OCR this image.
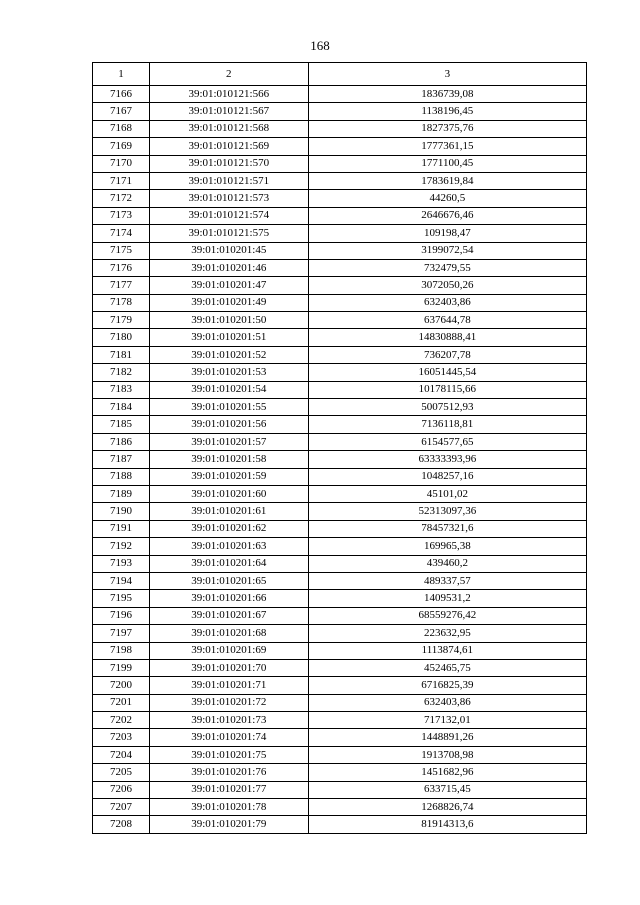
168
1	2	3
7166	39:01:010121:566	1836739,08
7167	39:01:010121:567	1138196,45
7168	39:01:010121:568	1827375,76
7169	39:01:010121:569	1777361,15
7170	39:01:010121:570	1771100,45
7171	39:01:010121:571	1783619,84
7172	39:01:010121:573	44260,5
7173	39:01:010121:574	2646676,46
7174	39:01:010121:575	109198,47
7175	39:01:010201:45	3199072,54
7176	39:01:010201:46	732479,55
7177	39:01:010201:47	3072050,26
7178	39:01:010201:49	632403,86
7179	39:01:010201:50	637644,78
7180	39:01:010201:51	14830888,41
7181	39:01:010201:52	736207,78
7182	39:01:010201:53	16051445,54
7183	39:01:010201:54	10178115,66
7184	39:01:010201:55	5007512,93
7185	39:01:010201:56	7136118,81
7186	39:01:010201:57	6154577,65
7187	39:01:010201:58	63333393,96
7188	39:01:010201:59	1048257,16
7189	39:01:010201:60	45101,02
7190	39:01:010201:61	52313097,36
7191	39:01:010201:62	78457321,6
7192	39:01:010201:63	169965,38
7193	39:01:010201:64	439460,2
7194	39:01:010201:65	489337,57
7195	39:01:010201:66	1409531,2
7196	39:01:010201:67	68559276,42
7197	39:01:010201:68	223632,95
7198	39:01:010201:69	1113874,61
7199	39:01:010201:70	452465,75
7200	39:01:010201:71	6716825,39
7201	39:01:010201:72	632403,86
7202	39:01:010201:73	717132,01
7203	39:01:010201:74	1448891,26
7204	39:01:010201:75	1913708,98
7205	39:01:010201:76	1451682,96
7206	39:01:010201:77	633715,45
7207	39:01:010201:78	1268826,74
7208	39:01:010201:79	81914313,6
